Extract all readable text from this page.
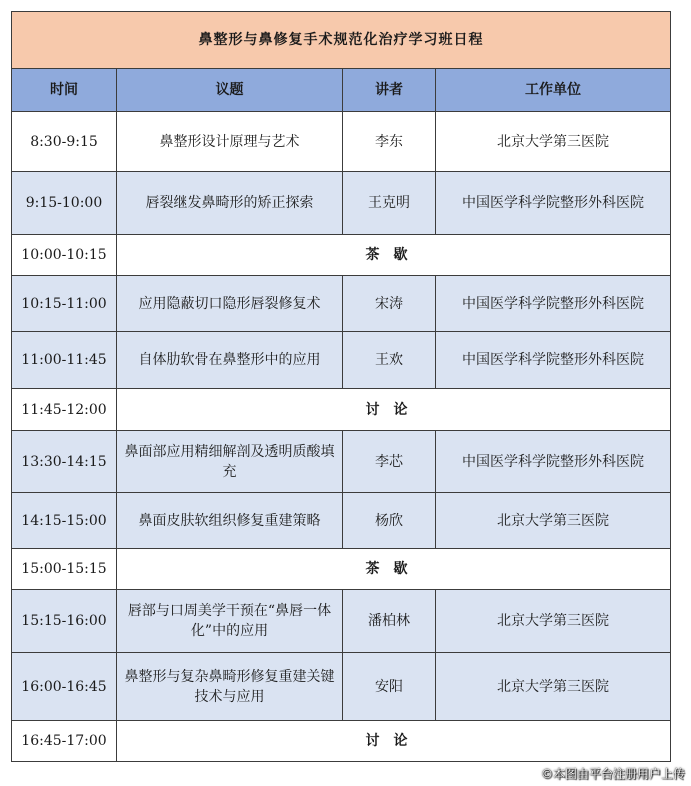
鼻整形与鼻修复手术规范化治疗学习班日程			
时间	议题	讲者	工作单位
8:30-9:15	鼻整形设计原理与艺术	李东	北京大学第三医院
9:15-10:00	唇裂继发鼻畸形的矫正探索	王克明	中国医学科学院整形外科医院
10:00-10:15	茶歇		
10:15-11:00	应用隐蔽切口隐形唇裂修复术	宋涛	中国医学科学院整形外科医院
11:00-11:45	自体肋软骨在鼻整形中的应用	王欢	中国医学科学院整形外科医院
11:45-12:00	讨论		
13:30-14:15	鼻面部应用精细解剖及透明质酸填充	李芯	中国医学科学院整形外科医院
14:15-15:00	鼻面皮肤软组织修复重建策略	杨欣	北京大学第三医院
15:00-15:15	茶歇		
15:15-16:00	唇部与口周美学干预在“鼻唇一体化”中的应用	潘柏林	北京大学第三医院
16:00-16:45	鼻整形与复杂鼻畸形修复重建关键技术与应用	安阳	北京大学第三医院
16:45-17:00	讨论		
©本图由平台注册用户上传
